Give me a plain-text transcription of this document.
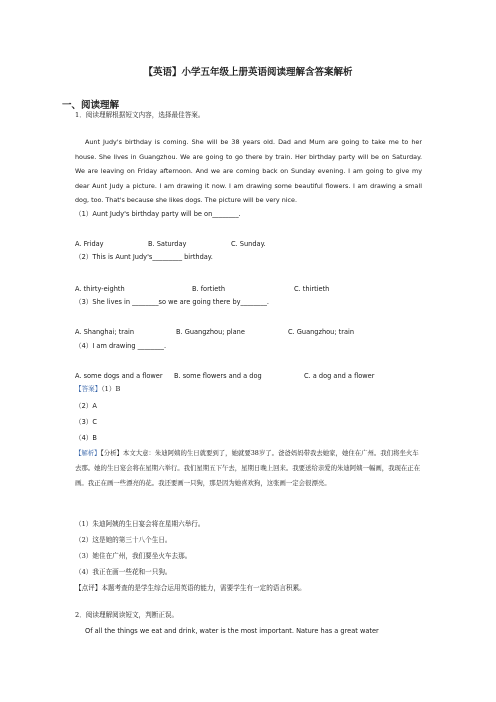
【英语】小学五年级上册英语阅读理解含答案解析
一、阅读理解
1．阅读理解根据短文内容，选择最佳答案。
Aunt Judy's birthday is coming. She will be 38 years old. Dad and Mum are going to take me to her house. She lives in Guangzhou. We are going to go there by train. Her birthday party will be on Saturday. We are leaving on Friday afternoon. And we are coming back on Sunday evening. I am going to give my dear Aunt Judy a picture. I am drawing it now. I am drawing some beautiful flowers. I am drawing a small dog, too. That's because she likes dogs. The picture will be very nice.
（1）Aunt Judy's birthday party will be on________.
A. Friday	B. Saturday	C. Sunday.
（2）This is Aunt Judy's_________ birthday.
A. thirty-eighth	B. fortieth	C. thirtieth
（3）She lives in ________so we are going there by________.
A. Shanghai; train	B. Guangzhou; plane	C. Guangzhou; train
（4）I am drawing ________.
A. some dogs and a flower B. some flowers and a dog	C. a dog and a flower
【答案】（1）B
（2）A
（3）C
（4）B
【解析】【分析】本文大意：朱迪阿姨的生日就要到了，她就要38岁了。爸爸妈妈带我去她家，她住在广州。我们将坐火车去那。她的生日宴会将在星期六举行。我们星期五下午去，星期日晚上回来。我要送给亲爱的朱迪阿姨一幅画，我现在正在画。我正在画一些漂亮的花。我还要画一只狗，那是因为她喜欢狗，这张画一定会很漂亮。
（1）朱迪阿姨的生日宴会将在星期六举行。
（2）这是她的第三十八个生日。
（3）她住在广州，我们要坐火车去那。
（4）我正在画一些花和一只狗。
【点评】本题考查的是学生综合运用英语的能力，需要学生有一定的语言积累。
2．阅读理解阅读短文，判断正误。
Of all the things we eat and drink, water is the most important. Nature has a great water
